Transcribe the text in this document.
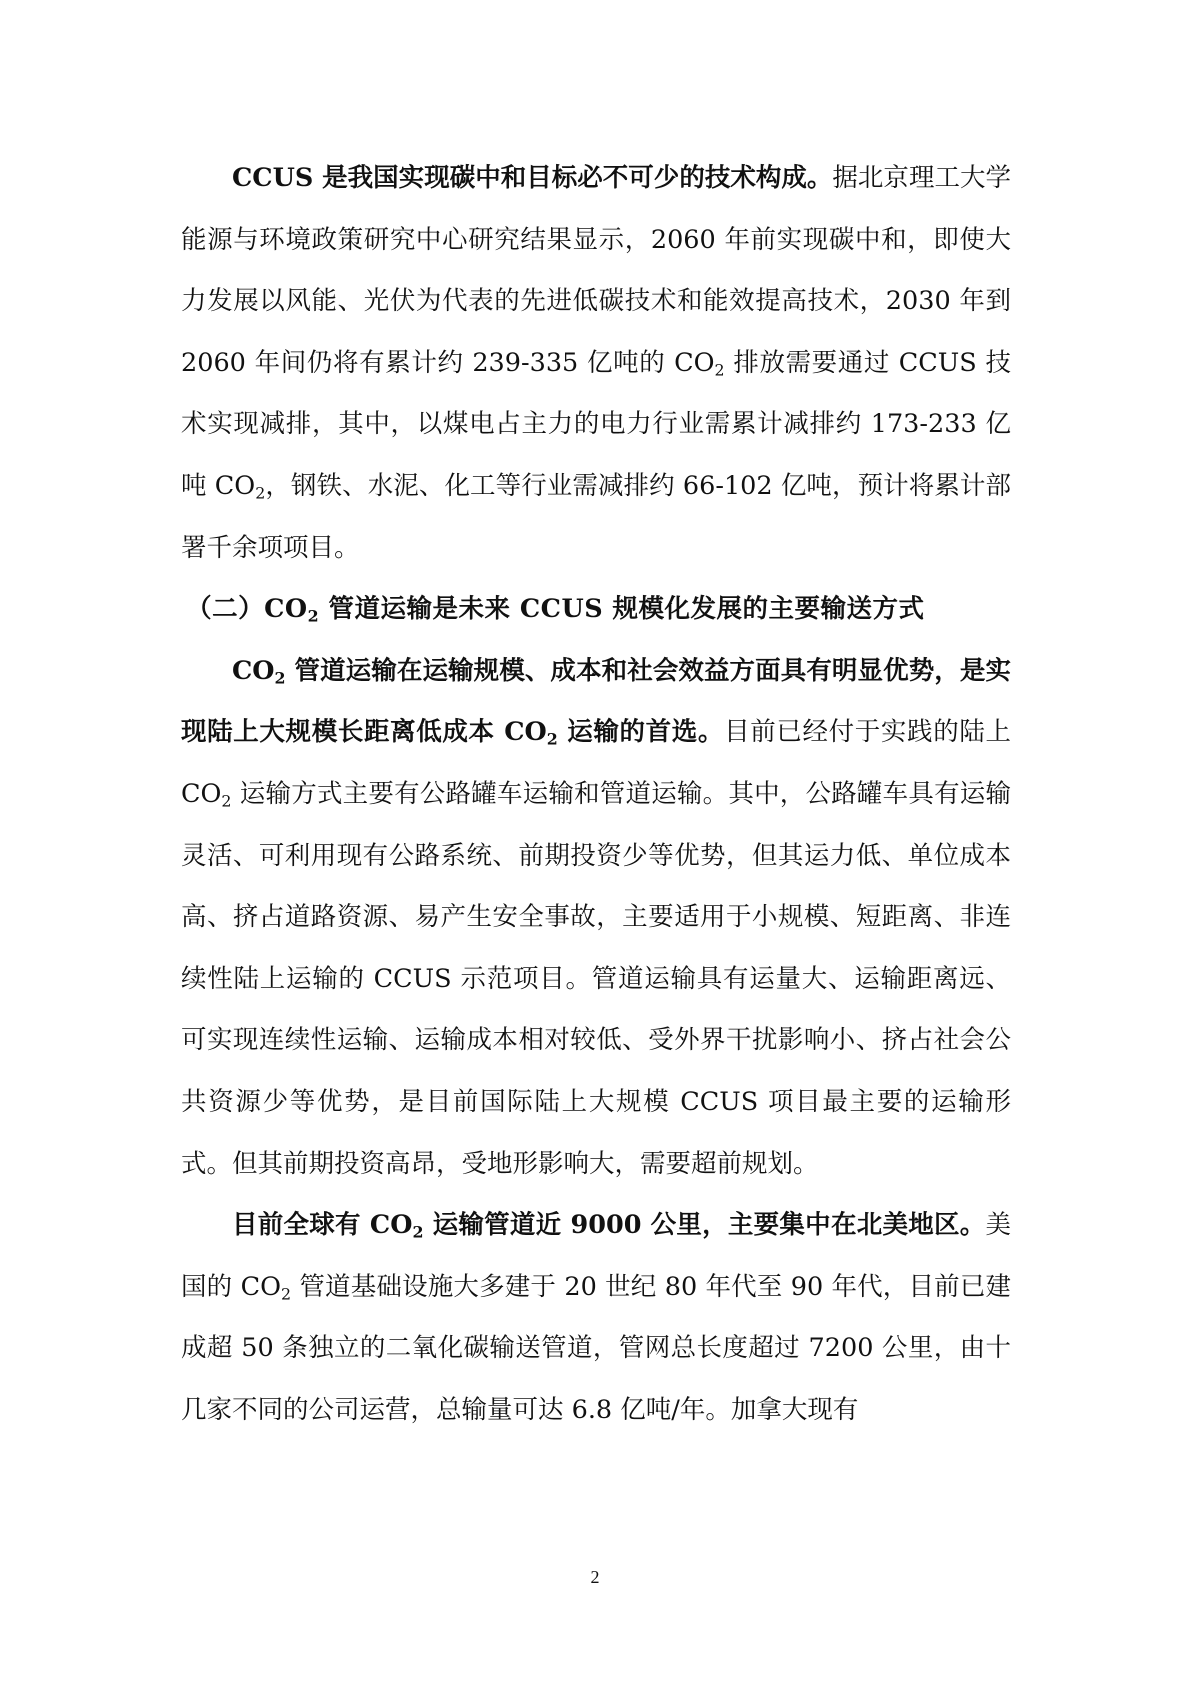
CCUS 是我国实现碳中和目标必不可少的技术构成。据北京理工大学能源与环境政策研究中心研究结果显示，2060 年前实现碳中和，即使大力发展以风能、光伏为代表的先进低碳技术和能效提高技术，2030 年到 2060 年间仍将有累计约 239-335 亿吨的 $CO_2$ 排放需要通过 CCUS 技术实现减排，其中，以煤电占主力的电力行业需累计减排约 173-233 亿吨 $CO_2$，钢铁、水泥、化工等行业需减排约 66-102 亿吨，预计将累计部署千余项项目。

（二）$CO_2$ 管道运输是未来 CCUS 规模化发展的主要输送方式

$CO_2$ 管道运输在运输规模、成本和社会效益方面具有明显优势，是实现陆上大规模长距离低成本 $CO_2$ 运输的首选。目前已经付于实践的陆上 $CO_2$ 运输方式主要有公路罐车运输和管道运输。其中，公路罐车具有运输灵活、可利用现有公路系统、前期投资少等优势，但其运力低、单位成本高、挤占道路资源、易产生安全事故，主要适用于小规模、短距离、非连续性陆上运输的 CCUS 示范项目。管道运输具有运量大、运输距离远、可实现连续性运输、运输成本相对较低、受外界干扰影响小、挤占社会公共资源少等优势，是目前国际陆上大规模 CCUS 项目最主要的运输形式。但其前期投资高昂，受地形影响大，需要超前规划。

目前全球有 $CO_2$ 运输管道近 9000 公里，主要集中在北美地区。美国的 $CO_2$ 管道基础设施大多建于 20 世纪 80 年代至 90 年代，目前已建成超 50 条独立的二氧化碳输送管道，管网总长度超过 7200 公里，由十几家不同的公司运营，总输量可达 6.8 亿吨/年。加拿大现有

2
